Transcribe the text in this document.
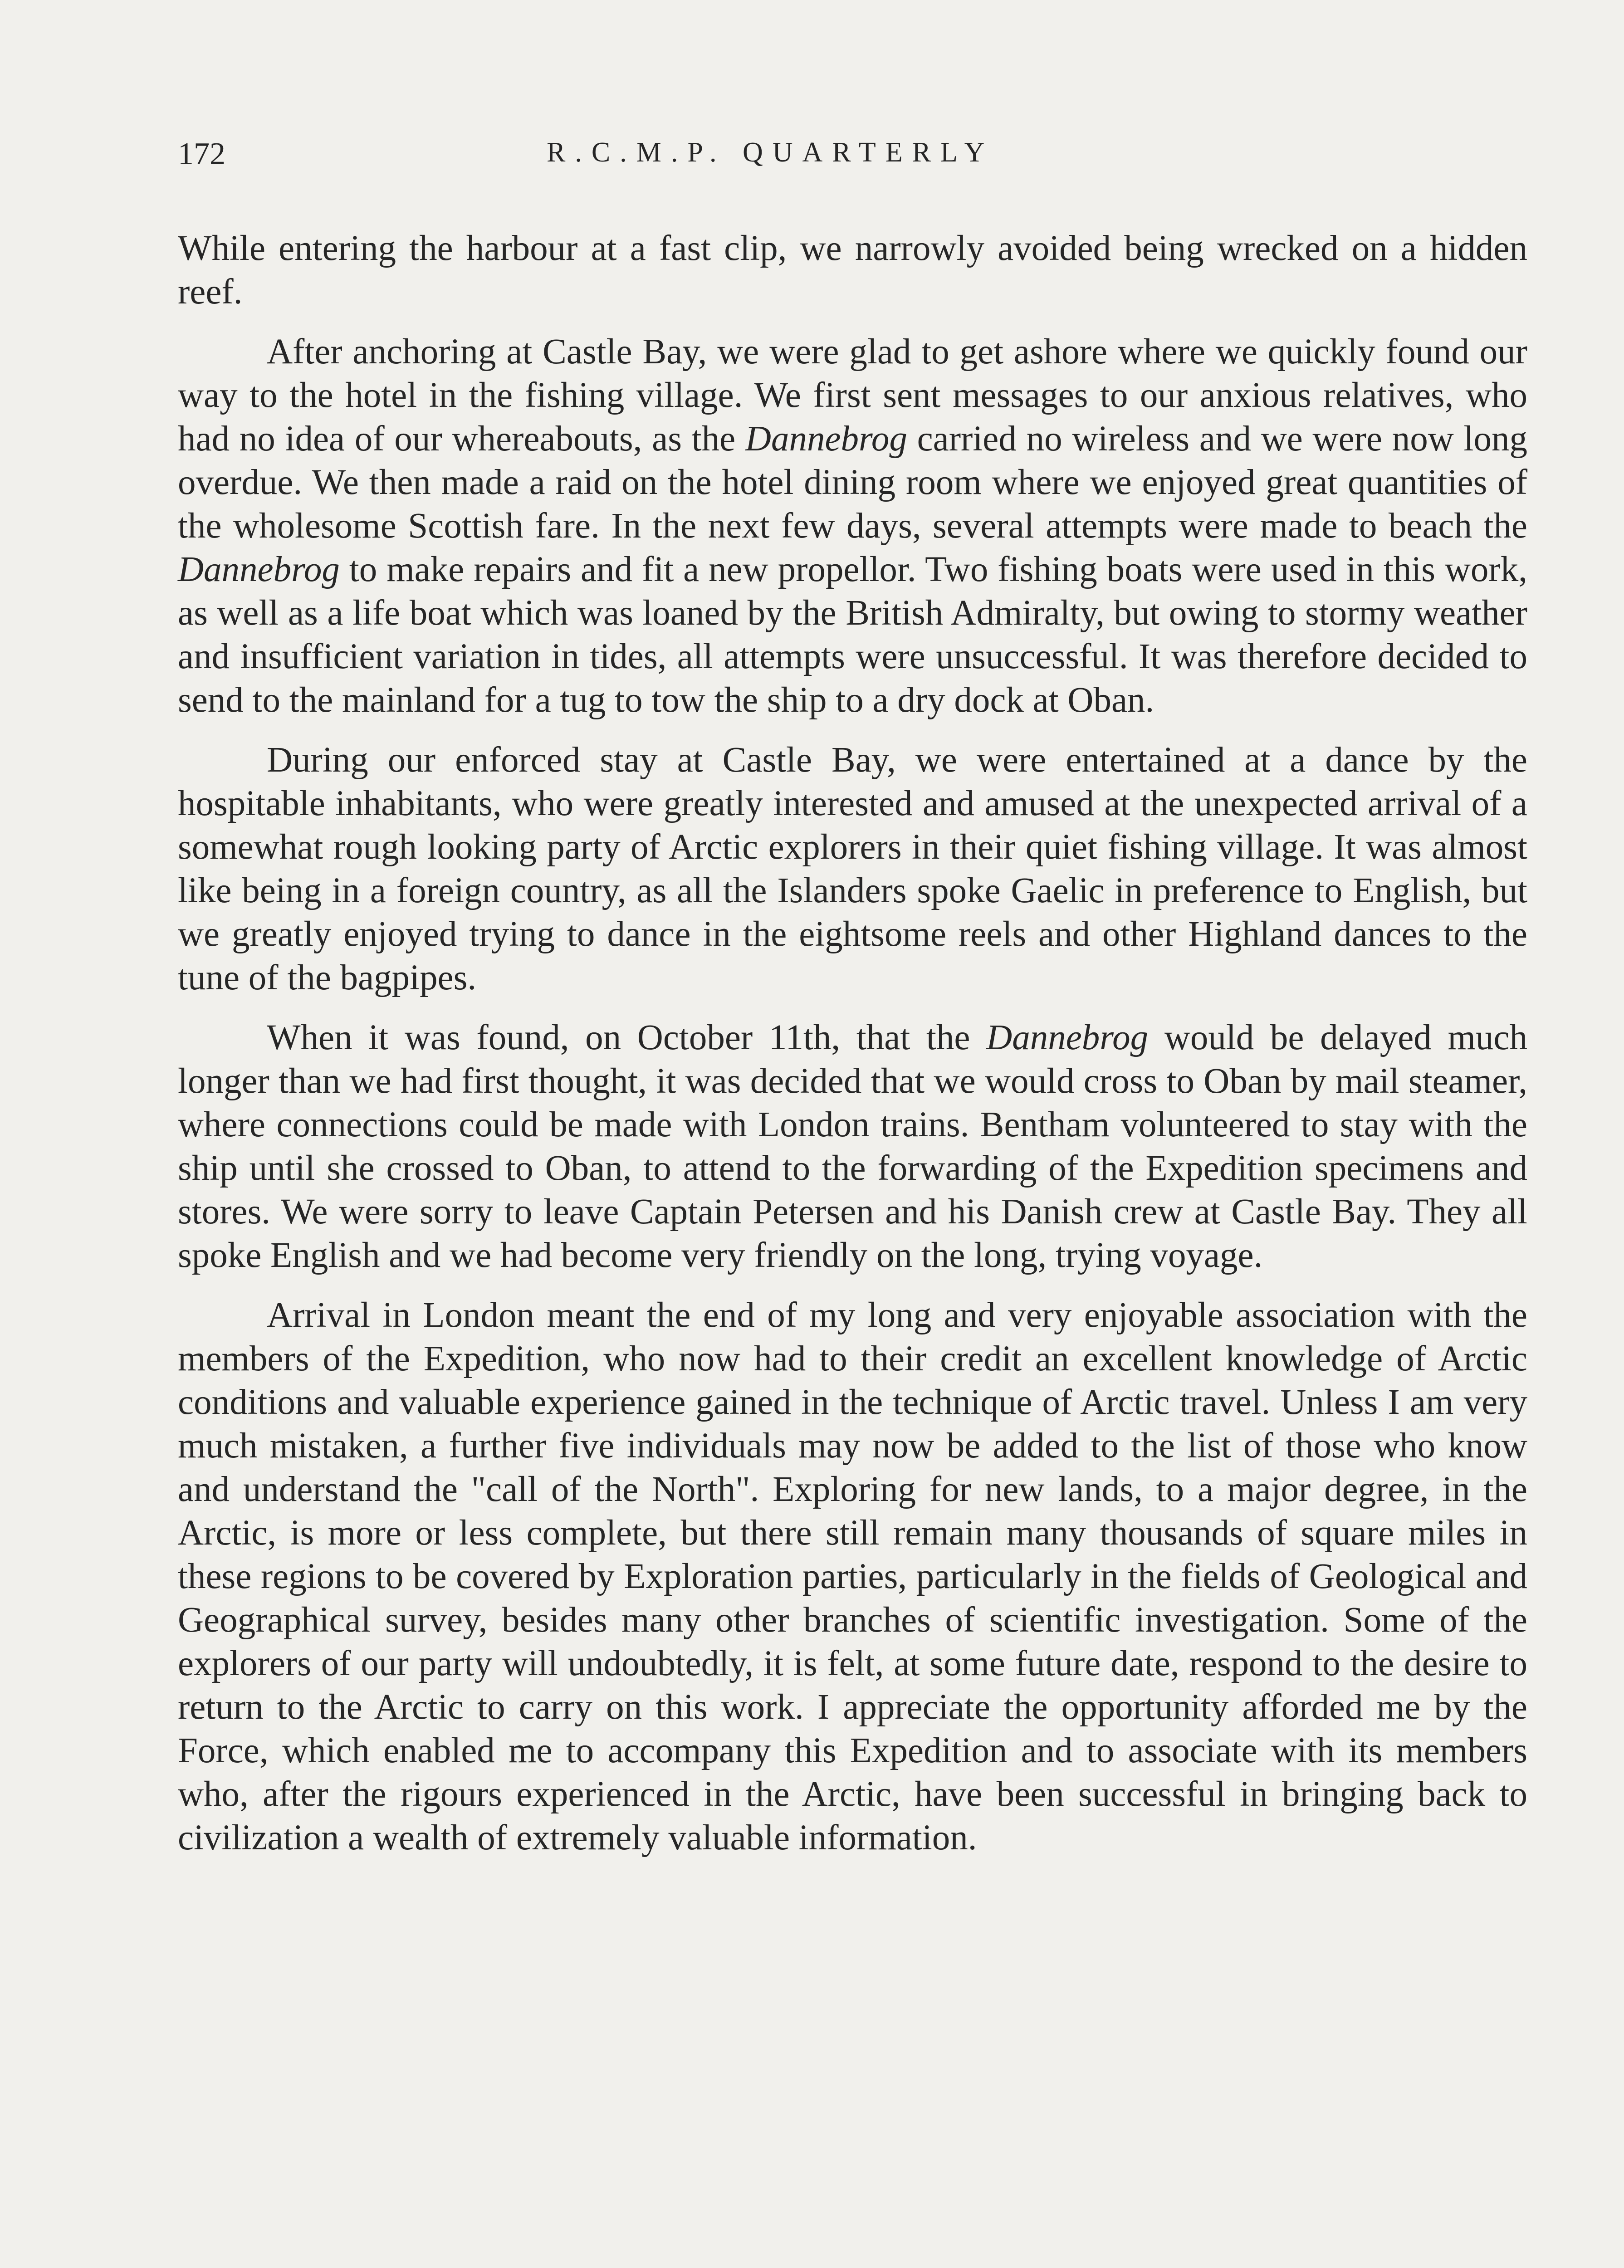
172	R.C.M.P. QUARTERLY

While entering the harbour at a fast clip, we narrowly avoided being wrecked on a hidden reef.

After anchoring at Castle Bay, we were glad to get ashore where we quickly found our way to the hotel in the fishing village. We first sent messages to our anxious relatives, who had no idea of our whereabouts, as the Dannebrog carried no wireless and we were now long overdue. We then made a raid on the hotel dining room where we enjoyed great quantities of the wholesome Scottish fare. In the next few days, several attempts were made to beach the Dannebrog to make repairs and fit a new propellor. Two fishing boats were used in this work, as well as a life boat which was loaned by the British Admiralty, but owing to stormy weather and insufficient variation in tides, all attempts were unsuccessful. It was therefore decided to send to the mainland for a tug to tow the ship to a dry dock at Oban.

During our enforced stay at Castle Bay, we were entertained at a dance by the hospitable inhabitants, who were greatly interested and amused at the unexpected arrival of a somewhat rough looking party of Arctic explorers in their quiet fishing village. It was almost like being in a foreign country, as all the Islanders spoke Gaelic in preference to English, but we greatly enjoyed trying to dance in the eightsome reels and other Highland dances to the tune of the bagpipes.

When it was found, on October 11th, that the Dannebrog would be delayed much longer than we had first thought, it was decided that we would cross to Oban by mail steamer, where connections could be made with London trains. Bentham volunteered to stay with the ship until she crossed to Oban, to attend to the forwarding of the Expedition specimens and stores. We were sorry to leave Captain Petersen and his Danish crew at Castle Bay. They all spoke English and we had become very friendly on the long, trying voyage.

Arrival in London meant the end of my long and very enjoyable association with the members of the Expedition, who now had to their credit an excellent knowledge of Arctic conditions and valuable experience gained in the technique of Arctic travel. Unless I am very much mistaken, a further five individuals may now be added to the list of those who know and understand the "call of the North". Exploring for new lands, to a major degree, in the Arctic, is more or less complete, but there still remain many thousands of square miles in these regions to be covered by Exploration parties, particularly in the fields of Geological and Geographical survey, besides many other branches of scientific investigation. Some of the explorers of our party will undoubtedly, it is felt, at some future date, respond to the desire to return to the Arctic to carry on this work. I appreciate the opportunity afforded me by the Force, which enabled me to accompany this Expedition and to associate with its members who, after the rigours experienced in the Arctic, have been successful in bringing back to civilization a wealth of extremely valuable information.
